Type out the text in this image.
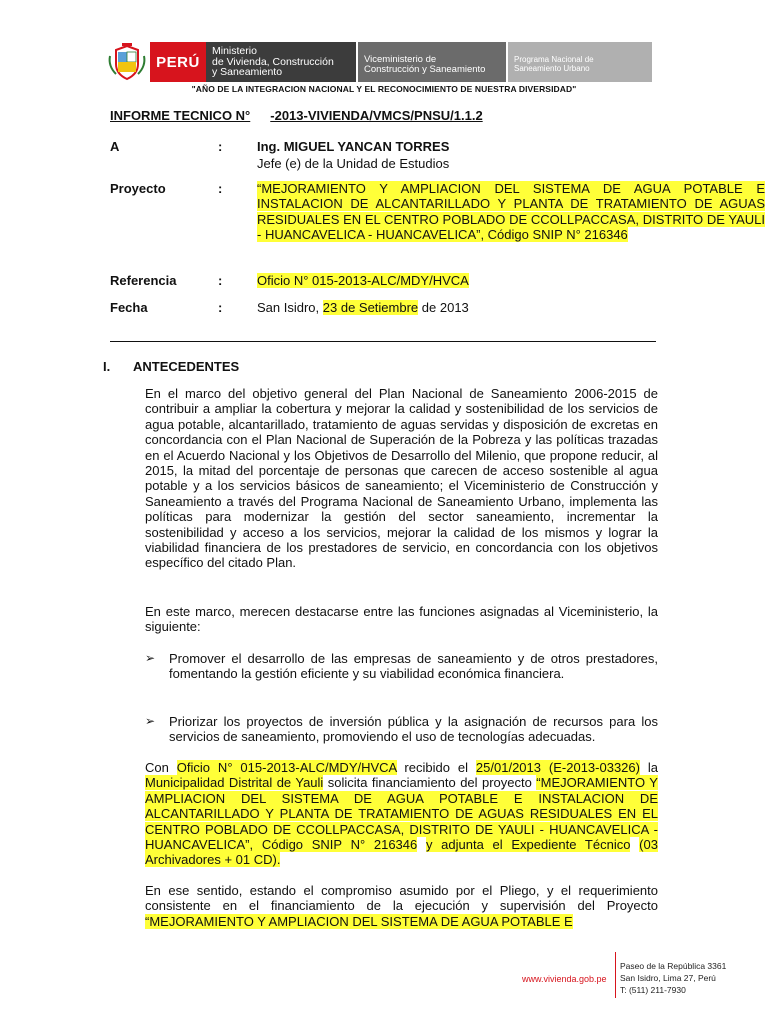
PERÚ
Ministerio
de Vivienda, Construcción
y Saneamiento
Viceministerio de
Construcción y Saneamiento
Programa Nacional de
Saneamiento Urbano
"AÑO DE LA INTEGRACION NACIONAL Y EL RECONOCIMIENTO DE NUESTRA DIVERSIDAD"
INFORME TECNICO N° -2013-VIVIENDA/VMCS/PNSU/1.1.2
A	:	Ing. MIGUEL YANCAN TORRES
Jefe (e) de la Unidad de Estudios
Proyecto	:	“MEJORAMIENTO Y AMPLIACION DEL SISTEMA DE AGUA POTABLE E INSTALACION DE ALCANTARILLADO Y PLANTA DE TRATAMIENTO DE AGUAS RESIDUALES EN EL CENTRO POBLADO DE CCOLLPACCASA, DISTRITO DE YAULI - HUANCAVELICA - HUANCAVELICA”, Código SNIP N° 216346
Referencia	:	Oficio N° 015-2013-ALC/MDY/HVCA
Fecha	:	San Isidro, 23 de Setiembre de 2013
I. ANTECEDENTES
En el marco del objetivo general del Plan Nacional de Saneamiento 2006-2015 de contribuir a ampliar la cobertura y mejorar la calidad y sostenibilidad de los servicios de agua potable, alcantarillado, tratamiento de aguas servidas y disposición de excretas en concordancia con el Plan Nacional de Superación de la Pobreza y las políticas trazadas en el Acuerdo Nacional y los Objetivos de Desarrollo del Milenio, que propone reducir, al 2015, la mitad del porcentaje de personas que carecen de acceso sostenible al agua potable y a los servicios básicos de saneamiento; el Viceministerio de Construcción y Saneamiento a través del Programa Nacional de Saneamiento Urbano, implementa las políticas para modernizar la gestión del sector saneamiento, incrementar la sostenibilidad y acceso a los servicios, mejorar la calidad de los mismos y lograr la viabilidad financiera de los prestadores de servicio, en concordancia con los objetivos específico del citado Plan.
En este marco, merecen destacarse entre las funciones asignadas al Viceministerio, la siguiente:
➢ Promover el desarrollo de las empresas de saneamiento y de otros prestadores, fomentando la gestión eficiente y su viabilidad económica financiera.
➢ Priorizar los proyectos de inversión pública y la asignación de recursos para los servicios de saneamiento, promoviendo el uso de tecnologías adecuadas.
Con Oficio N° 015-2013-ALC/MDY/HVCA recibido el 25/01/2013 (E-2013-03326) la Municipalidad Distrital de Yauli solicita financiamiento del proyecto “MEJORAMIENTO Y AMPLIACION DEL SISTEMA DE AGUA POTABLE E INSTALACION DE ALCANTARILLADO Y PLANTA DE TRATAMIENTO DE AGUAS RESIDUALES EN EL CENTRO POBLADO DE CCOLLPACCASA, DISTRITO DE YAULI - HUANCAVELICA - HUANCAVELICA”, Código SNIP N° 216346 y adjunta el Expediente Técnico (03 Archivadores + 01 CD).
En ese sentido, estando el compromiso asumido por el Pliego, y el requerimiento consistente en el financiamiento de la ejecución y supervisión del Proyecto “MEJORAMIENTO Y AMPLIACION DEL SISTEMA DE AGUA POTABLE E
www.vivienda.gob.pe
Paseo de la República 3361
San Isidro, Lima 27, Perú
T: (511) 211-7930
